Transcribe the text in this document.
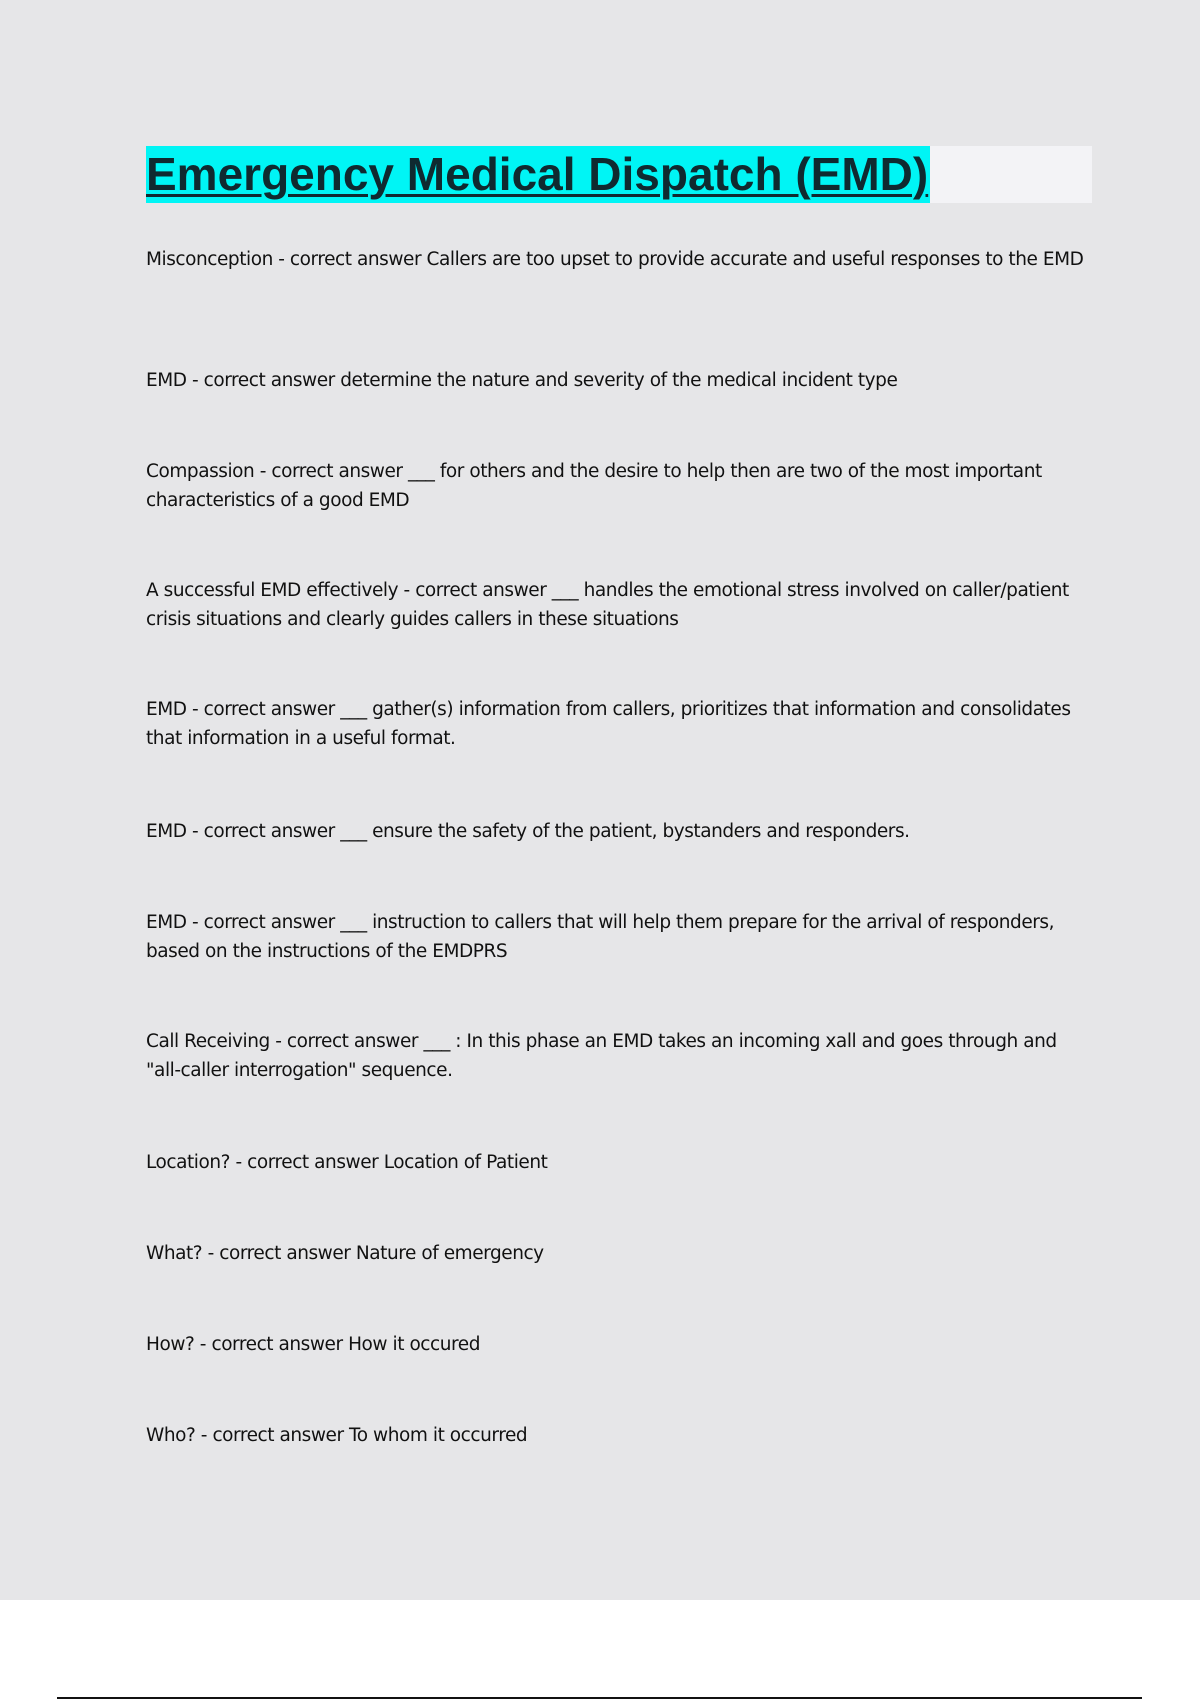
Emergency Medical Dispatch (EMD)

Misconception - correct answer Callers are too upset to provide accurate and useful responses to the EMD

EMD - correct answer determine the nature and severity of the medical incident type

Compassion - correct answer ___ for others and the desire to help then are two of the most important characteristics of a good EMD

A successful EMD effectively - correct answer ___ handles the emotional stress involved on caller/patient crisis situations and clearly guides callers in these situations

EMD - correct answer ___ gather(s) information from callers, prioritizes that information and consolidates that information in a useful format.

EMD - correct answer ___ ensure the safety of the patient, bystanders and responders.

EMD - correct answer ___ instruction to callers that will help them prepare for the arrival of responders, based on the instructions of the EMDPRS

Call Receiving - correct answer ___ : In this phase an EMD takes an incoming xall and goes through and "all-caller interrogation" sequence.

Location? - correct answer Location of Patient

What? - correct answer Nature of emergency

How? - correct answer How it occured

Who? - correct answer To whom it occurred
